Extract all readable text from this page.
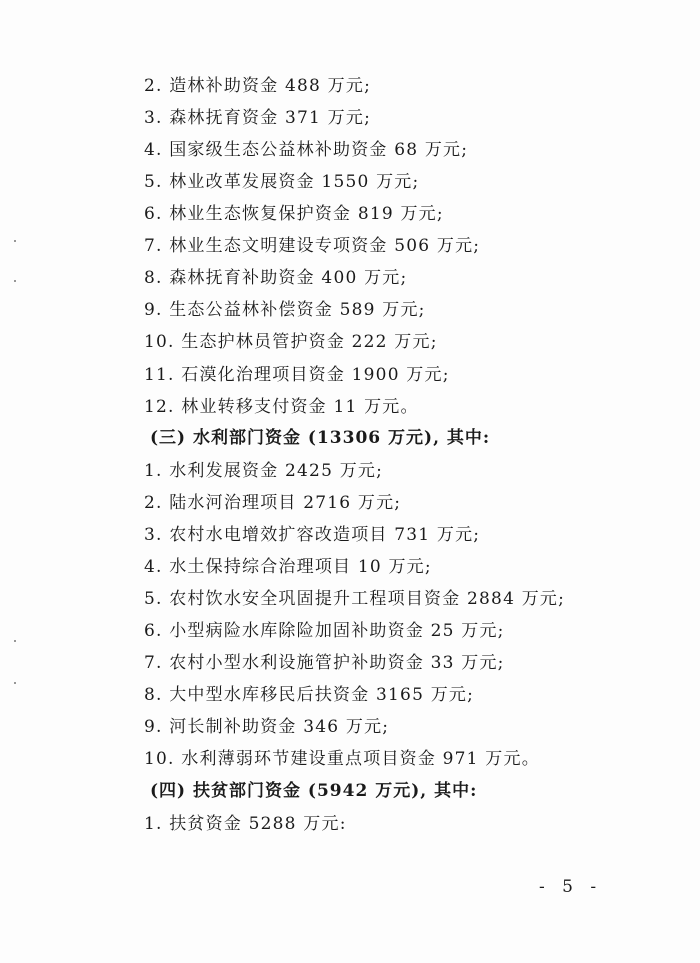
2. 造林补助资金 488 万元;
3. 森林抚育资金 371 万元;
4. 国家级生态公益林补助资金 68 万元;
5. 林业改革发展资金 1550 万元;
6. 林业生态恢复保护资金 819 万元;
7. 林业生态文明建设专项资金 506 万元;
8. 森林抚育补助资金 400 万元;
9. 生态公益林补偿资金 589 万元;
10. 生态护林员管护资金 222 万元;
11. 石漠化治理项目资金 1900 万元;
12. 林业转移支付资金 11 万元。
(三) 水利部门资金 (13306 万元), 其中:
1. 水利发展资金 2425 万元;
2. 陆水河治理项目 2716 万元;
3. 农村水电增效扩容改造项目 731 万元;
4. 水土保持综合治理项目 10 万元;
5. 农村饮水安全巩固提升工程项目资金 2884 万元;
6. 小型病险水库除险加固补助资金 25 万元;
7. 农村小型水利设施管护补助资金 33 万元;
8. 大中型水库移民后扶资金 3165 万元;
9. 河长制补助资金 346 万元;
10. 水利薄弱环节建设重点项目资金 971 万元。
(四) 扶贫部门资金 (5942 万元), 其中:
1. 扶贫资金 5288 万元:
- 5 -
